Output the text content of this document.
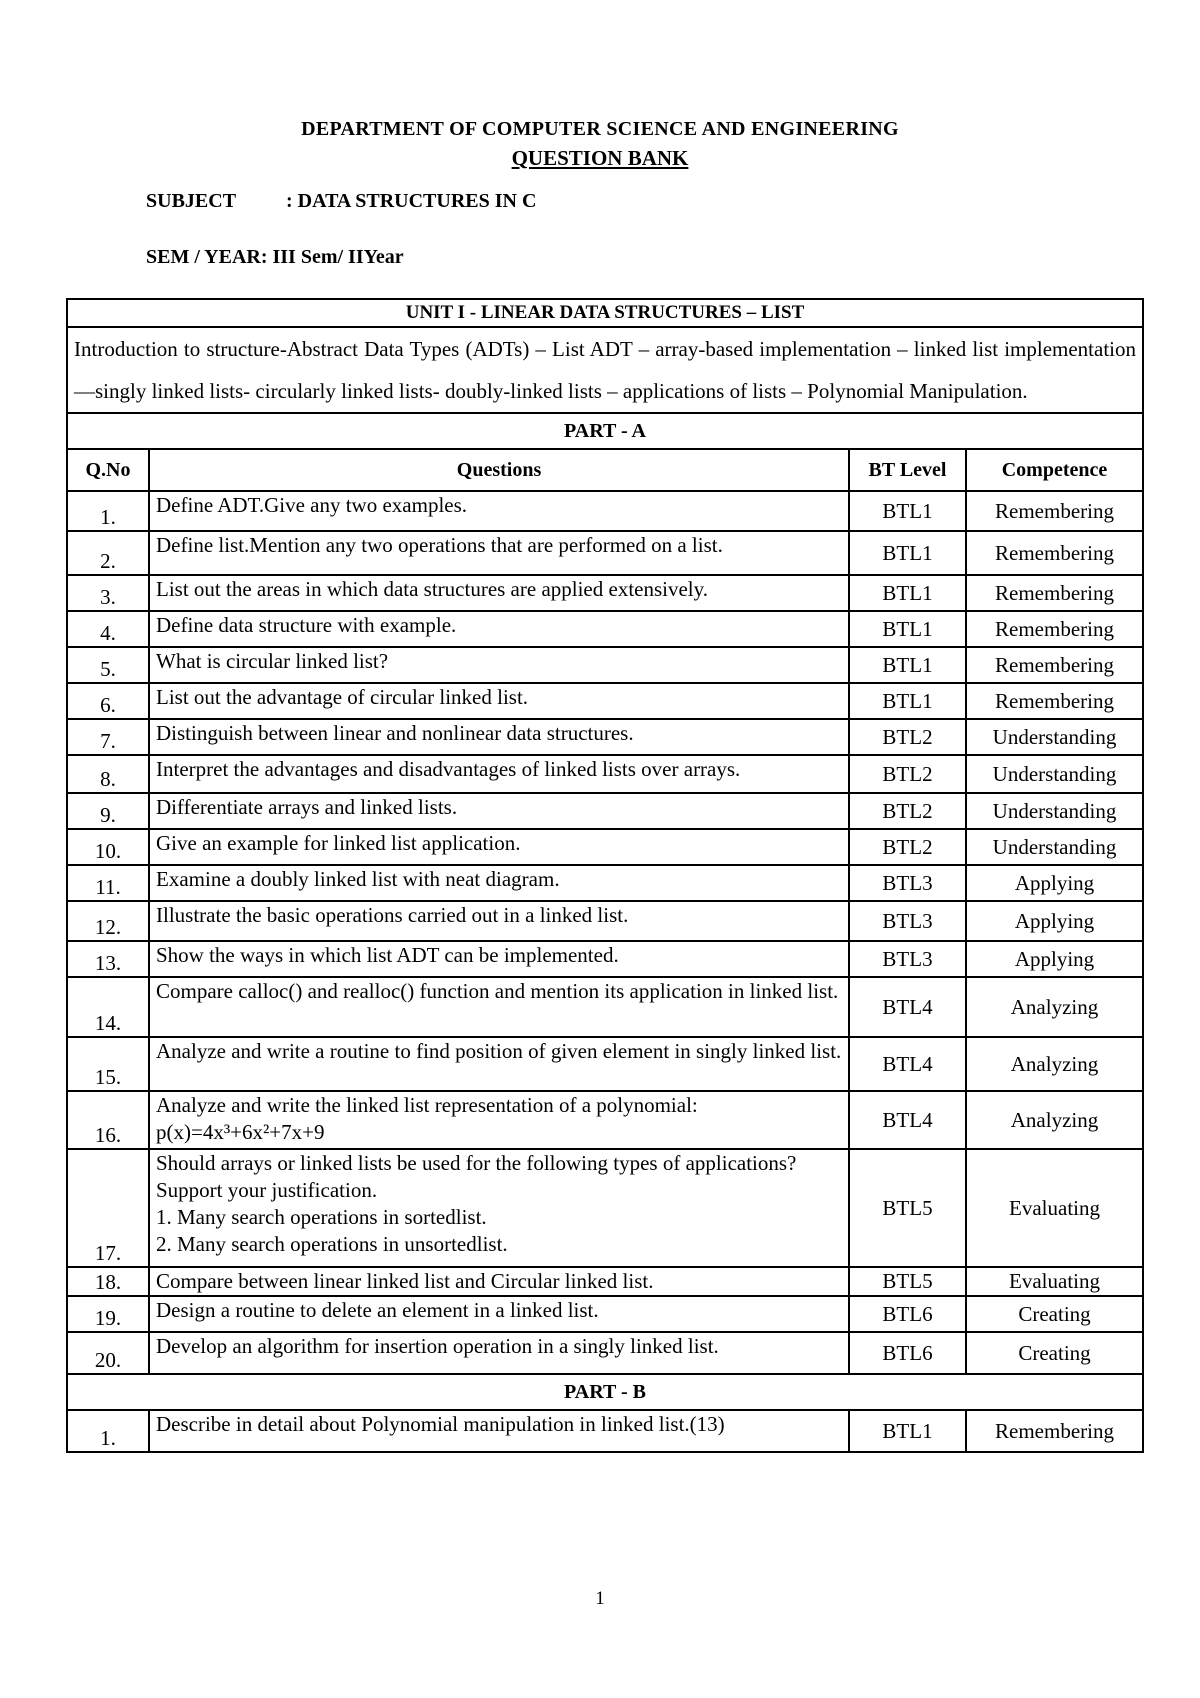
DEPARTMENT OF COMPUTER SCIENCE AND ENGINEERING
QUESTION BANK
SUBJECT : DATA STRUCTURES IN C
SEM / YEAR: III Sem/ IIYear
UNIT I - LINEAR DATA STRUCTURES – LIST			
Introduction to structure-Abstract Data Types (ADTs) – List ADT – array-based implementation – linked list implementation —singly linked lists- circularly linked lists- doubly-linked lists – applications of lists – Polynomial Manipulation.			
PART - A			
Q.No	Questions	BT Level	Competence
1.	Define ADT.Give any two examples.	BTL1	Remembering
2.	Define list.Mention any two operations that are performed on a list.	BTL1	Remembering
3.	List out the areas in which data structures are applied extensively.	BTL1	Remembering
4.	Define data structure with example.	BTL1	Remembering
5.	What is circular linked list?	BTL1	Remembering
6.	List out the advantage of circular linked list.	BTL1	Remembering
7.	Distinguish between linear and nonlinear data structures.	BTL2	Understanding
8.	Interpret the advantages and disadvantages of linked lists over arrays.	BTL2	Understanding
9.	Differentiate arrays and linked lists.	BTL2	Understanding
10.	Give an example for linked list application.	BTL2	Understanding
11.	Examine a doubly linked list with neat diagram.	BTL3	Applying
12.	Illustrate the basic operations carried out in a linked list.	BTL3	Applying
13.	Show the ways in which list ADT can be implemented.	BTL3	Applying
14.	Compare calloc() and realloc() function and mention its application in linked list.	BTL4	Analyzing
15.	Analyze and write a routine to find position of given element in singly linked list.	BTL4	Analyzing
16.	Analyze and write the linked list representation of a polynomial: p(x)=4x³+6x²+7x+9	BTL4	Analyzing
17.	Should arrays or linked lists be used for the following types of applications? Support your justification.
1. Many search operations in sortedlist.
2. Many search operations in unsortedlist.	BTL5	Evaluating
18.	Compare between linear linked list and Circular linked list.	BTL5	Evaluating
19.	Design a routine to delete an element in a linked list.	BTL6	Creating
20.	Develop an algorithm for insertion operation in a singly linked list.	BTL6	Creating
PART - B			
1.	Describe in detail about Polynomial manipulation in linked list.(13)	BTL1	Remembering
1
